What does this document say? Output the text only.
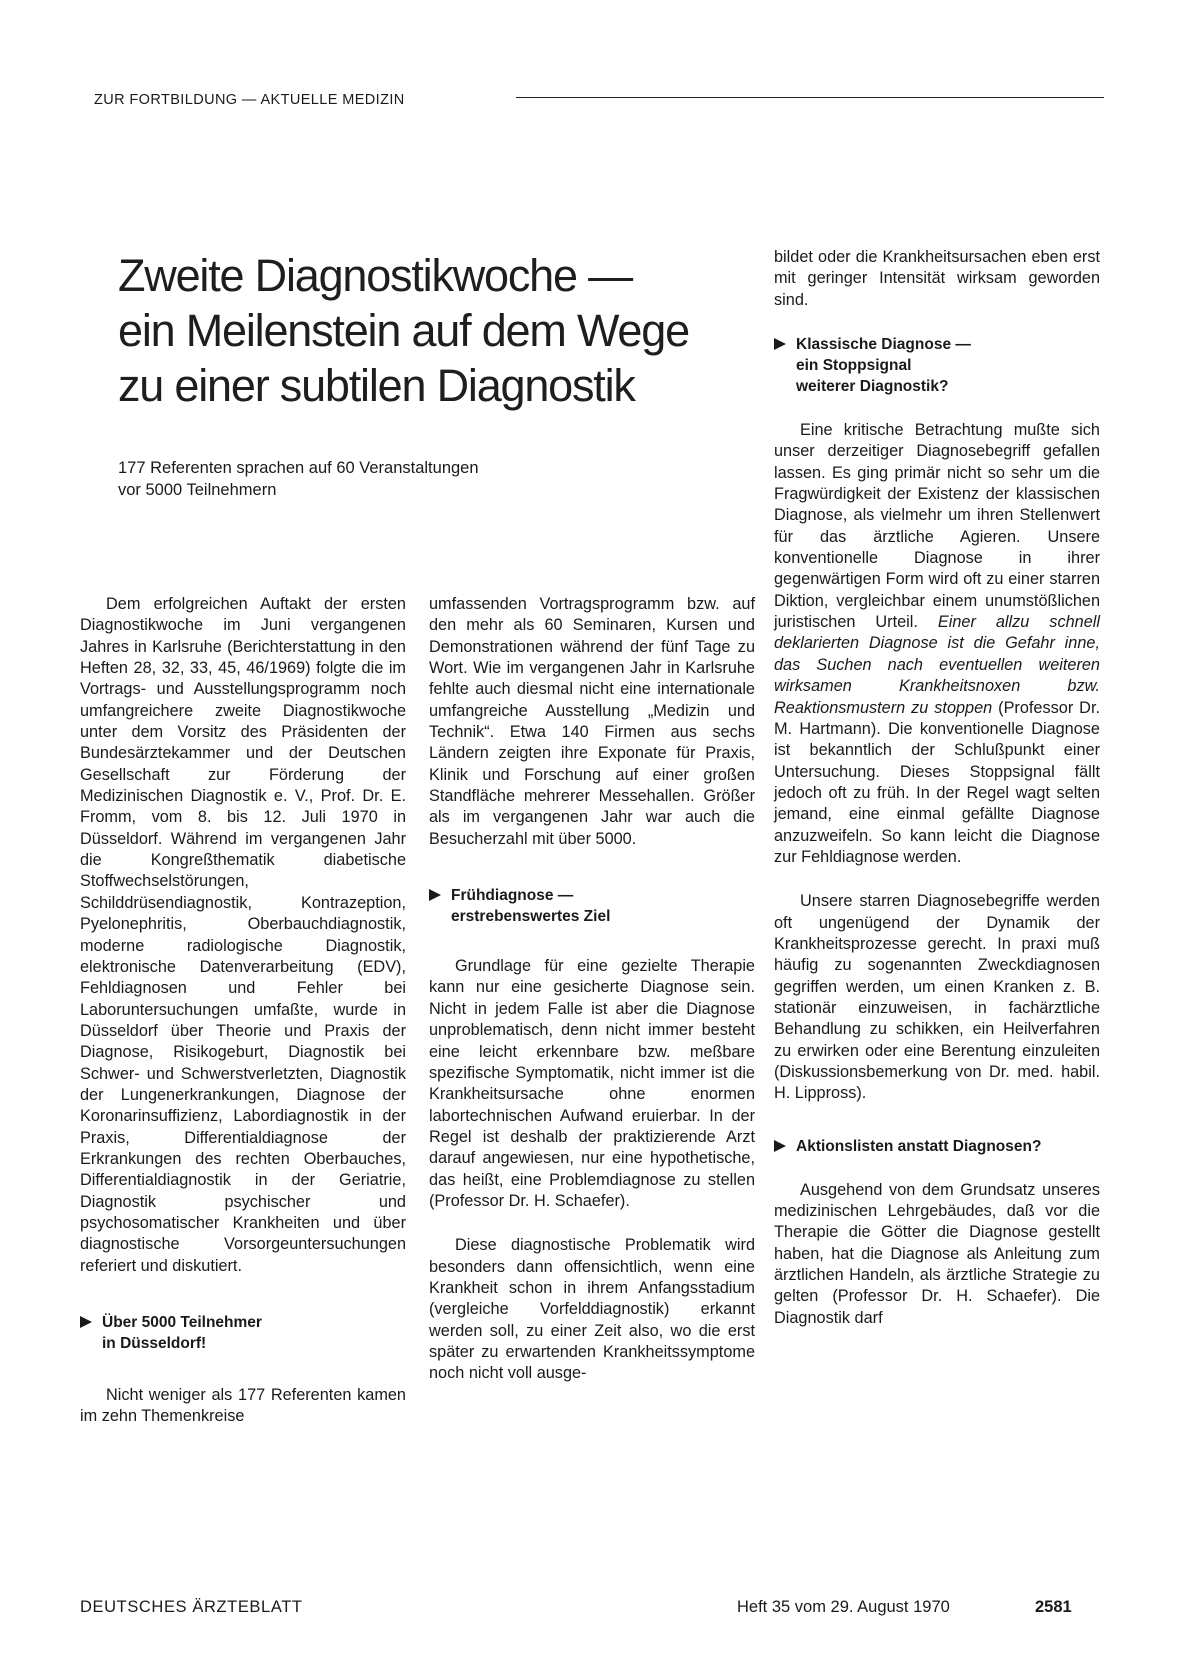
ZUR FORTBILDUNG — AKTUELLE MEDIZIN
Zweite Diagnostikwoche —
ein Meilenstein auf dem Wege
zu einer subtilen Diagnostik
177 Referenten sprachen auf 60 Veranstaltungen
vor 5000 Teilnehmern

Dem erfolgreichen Auftakt der ersten Diagnostikwoche im Juni vergangenen Jahres in Karlsruhe (Berichterstattung in den Heften 28, 32, 33, 45, 46/1969) folgte die im Vortrags- und Ausstellungsprogramm noch umfangreichere zweite Diagnostikwoche unter dem Vorsitz des Präsidenten der Bundesärztekammer und der Deutschen Gesellschaft zur Förderung der Medizinischen Diagnostik e. V., Prof. Dr. E. Fromm, vom 8. bis 12. Juli 1970 in Düsseldorf. Während im vergangenen Jahr die Kongreßthematik diabetische Stoffwechselstörungen, Schilddrüsendiagnostik, Kontrazeption, Pyelonephritis, Oberbauchdiagnostik, moderne radiologische Diagnostik, elektronische Datenverarbeitung (EDV), Fehldiagnosen und Fehler bei Laboruntersuchungen umfaßte, wurde in Düsseldorf über Theorie und Praxis der Diagnose, Risikogeburt, Diagnostik bei Schwer- und Schwerstverletzten, Diagnostik der Lungenerkrankungen, Diagnose der Koronarinsuffizienz, Labordiagnostik in der Praxis, Differentialdiagnose der Erkrankungen des rechten Oberbauches, Differentialdiagnostik in der Geriatrie, Diagnostik psychischer und psychosomatischer Krankheiten und über diagnostische Vorsorgeuntersuchungen referiert und diskutiert.

Über 5000 Teilnehmer
in Düsseldorf!

Nicht weniger als 177 Referenten kamen im zehn Themenkreise

umfassenden Vortragsprogramm bzw. auf den mehr als 60 Seminaren, Kursen und Demonstrationen während der fünf Tage zu Wort. Wie im vergangenen Jahr in Karlsruhe fehlte auch diesmal nicht eine internationale umfangreiche Ausstellung „Medizin und Technik“. Etwa 140 Firmen aus sechs Ländern zeigten ihre Exponate für Praxis, Klinik und Forschung auf einer großen Standfläche mehrerer Messehallen. Größer als im vergangenen Jahr war auch die Besucherzahl mit über 5000.

Frühdiagnose —
erstrebenswertes Ziel

Grundlage für eine gezielte Therapie kann nur eine gesicherte Diagnose sein. Nicht in jedem Falle ist aber die Diagnose unproblematisch, denn nicht immer besteht eine leicht erkennbare bzw. meßbare spezifische Symptomatik, nicht immer ist die Krankheitsursache ohne enormen labortechnischen Aufwand eruierbar. In der Regel ist deshalb der praktizierende Arzt darauf angewiesen, nur eine hypothetische, das heißt, eine Problemdiagnose zu stellen (Professor Dr. H. Schaefer).

Diese diagnostische Problematik wird besonders dann offensichtlich, wenn eine Krankheit schon in ihrem Anfangsstadium (vergleiche Vorfelddiagnostik) erkannt werden soll, zu einer Zeit also, wo die erst später zu erwartenden Krankheitssymptome noch nicht voll ausge-

bildet oder die Krankheitsursachen eben erst mit geringer Intensität wirksam geworden sind.

Klassische Diagnose —
ein Stoppsignal
weiterer Diagnostik?

Eine kritische Betrachtung mußte sich unser derzeitiger Diagnosebegriff gefallen lassen. Es ging primär nicht so sehr um die Fragwürdigkeit der Existenz der klassischen Diagnose, als vielmehr um ihren Stellenwert für das ärztliche Agieren. Unsere konventionelle Diagnose in ihrer gegenwärtigen Form wird oft zu einer starren Diktion, vergleichbar einem unumstößlichen juristischen Urteil. Einer allzu schnell deklarierten Diagnose ist die Gefahr inne, das Suchen nach eventuellen weiteren wirksamen Krankheitsnoxen bzw. Reaktionsmustern zu stoppen (Professor Dr. M. Hartmann). Die konventionelle Diagnose ist bekanntlich der Schlußpunkt einer Untersuchung. Dieses Stoppsignal fällt jedoch oft zu früh. In der Regel wagt selten jemand, eine einmal gefällte Diagnose anzuzweifeln. So kann leicht die Diagnose zur Fehldiagnose werden.

Unsere starren Diagnosebegriffe werden oft ungenügend der Dynamik der Krankheitsprozesse gerecht. In praxi muß häufig zu sogenannten Zweckdiagnosen gegriffen werden, um einen Kranken z. B. stationär einzuweisen, in fachärztliche Behandlung zu schikken, ein Heilverfahren zu erwirken oder eine Berentung einzuleiten (Diskussionsbemerkung von Dr. med. habil. H. Lippross).

Aktionslisten anstatt Diagnosen?

Ausgehend von dem Grundsatz unseres medizinischen Lehrgebäudes, daß vor die Therapie die Götter die Diagnose gestellt haben, hat die Diagnose als Anleitung zum ärztlichen Handeln, als ärztliche Strategie zu gelten (Professor Dr. H. Schaefer). Die Diagnostik darf

DEUTSCHES ÄRZTEBLATT	Heft 35 vom 29. August 1970	2581
